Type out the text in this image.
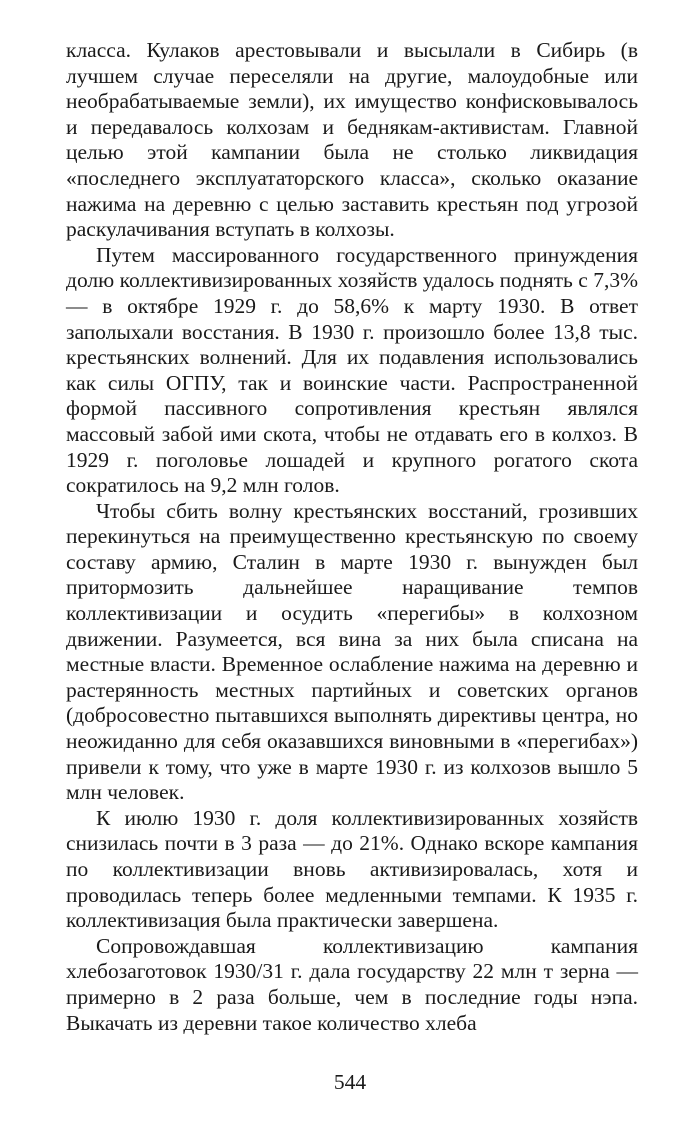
класса. Кулаков арестовывали и высылали в Сибирь (в лучшем случае переселяли на другие, малоудобные или необрабатываемые земли), их имущество конфисковывалось и передавалось колхозам и беднякам-активистам. Главной целью этой кампании была не столько ликвидация «последнего эксплуататорского класса», сколько оказание нажима на деревню с целью заставить крестьян под угрозой раскулачивания вступать в колхозы.

Путем массированного государственного принуждения долю коллективизированных хозяйств удалось поднять с 7,3% — в октябре 1929 г. до 58,6% к марту 1930. В ответ заполыхали восстания. В 1930 г. произошло более 13,8 тыс. крестьянских волнений. Для их подавления использовались как силы ОГПУ, так и воинские части. Распространенной формой пассивного сопротивления крестьян являлся массовый забой ими скота, чтобы не отдавать его в колхоз. В 1929 г. поголовье лошадей и крупного рогатого скота сократилось на 9,2 млн голов.

Чтобы сбить волну крестьянских восстаний, грозивших перекинуться на преимущественно крестьянскую по своему составу армию, Сталин в марте 1930 г. вынужден был притормозить дальнейшее наращивание темпов коллективизации и осудить «перегибы» в колхозном движении. Разумеется, вся вина за них была списана на местные власти. Временное ослабление нажима на деревню и растерянность местных партийных и советских органов (добросовестно пытавшихся выполнять директивы центра, но неожиданно для себя оказавшихся виновными в «перегибах») привели к тому, что уже в марте 1930 г. из колхозов вышло 5 млн человек.

К июлю 1930 г. доля коллективизированных хозяйств снизилась почти в 3 раза — до 21%. Однако вскоре кампания по коллективизации вновь активизировалась, хотя и проводилась теперь более медленными темпами. К 1935 г. коллективизация была практически завершена.

Сопровождавшая коллективизацию кампания хлебозаготовок 1930/31 г. дала государству 22 млн т зерна — примерно в 2 раза больше, чем в последние годы нэпа. Выкачать из деревни такое количество хлеба

544
